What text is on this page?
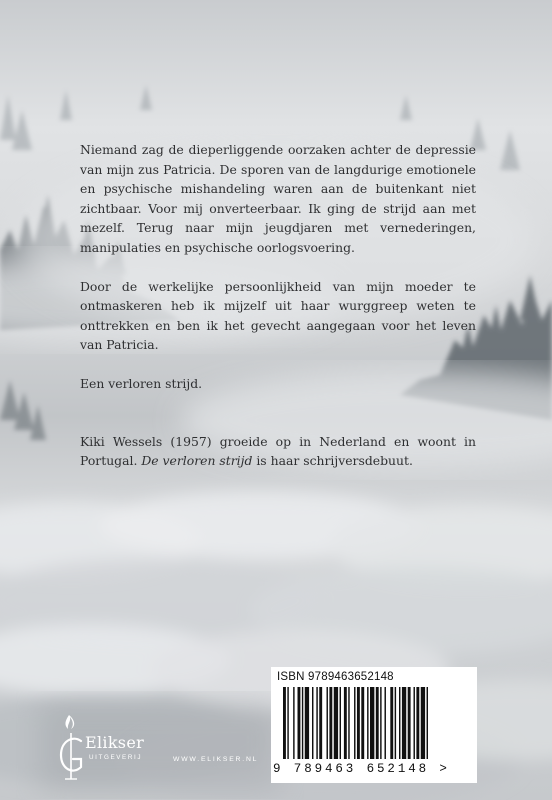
Niemand zag de dieperliggende oorzaken achter de depressie van mijn zus Patricia. De sporen van de langdurige emotionele en psychische mishandeling waren aan de buitenkant niet zichtbaar. Voor mij onverteerbaar. Ik ging de strijd aan met mezelf. Terug naar mijn jeugdjaren met vernederingen, manipulaties en psychische oorlogsvoering.

Door de werkelijke persoonlijkheid van mijn moeder te ontmaskeren heb ik mijzelf uit haar wurggreep weten te onttrekken en ben ik het gevecht aangegaan voor het leven van Patricia.

Een verloren strijd.

Kiki Wessels (1957) groeide op in Nederland en woont in Portugal. De verloren strijd is haar schrijversdebuut.

ISBN 9789463652148
9 789463 652148 >
Elikser
UITGEVERIJ	WWW.ELIKSER.NL
